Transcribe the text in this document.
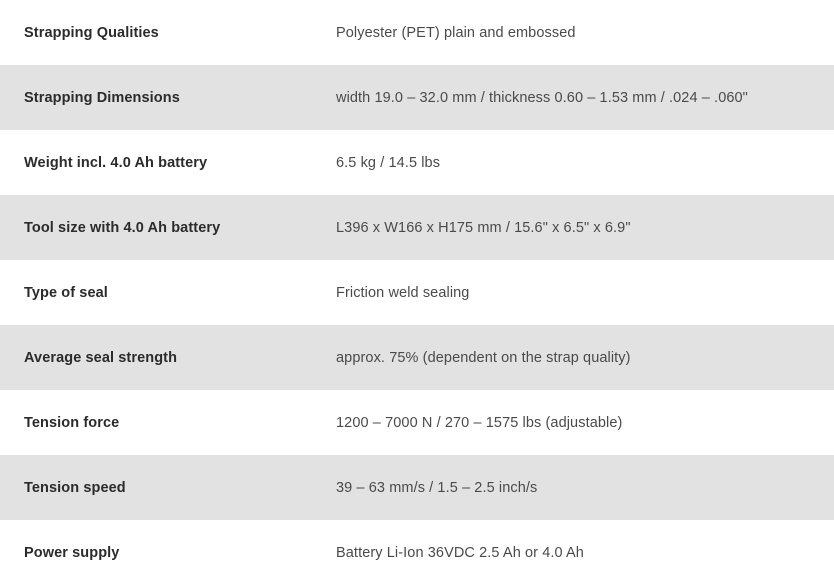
Strapping Qualities	Polyester (PET) plain and embossed
Strapping Dimensions	width 19.0 – 32.0 mm / thickness 0.60 – 1.53 mm / .024 – .060"
Weight incl. 4.0 Ah battery	6.5 kg / 14.5 lbs
Tool size with 4.0 Ah battery	L396 x W166 x H175 mm / 15.6" x 6.5" x 6.9"
Type of seal	Friction weld sealing
Average seal strength	approx. 75% (dependent on the strap quality)
Tension force	1200 – 7000 N / 270 – 1575 lbs (adjustable)
Tension speed	39 – 63 mm/s / 1.5 – 2.5 inch/s
Power supply	Battery Li-Ion 36VDC 2.5 Ah or 4.0 Ah
